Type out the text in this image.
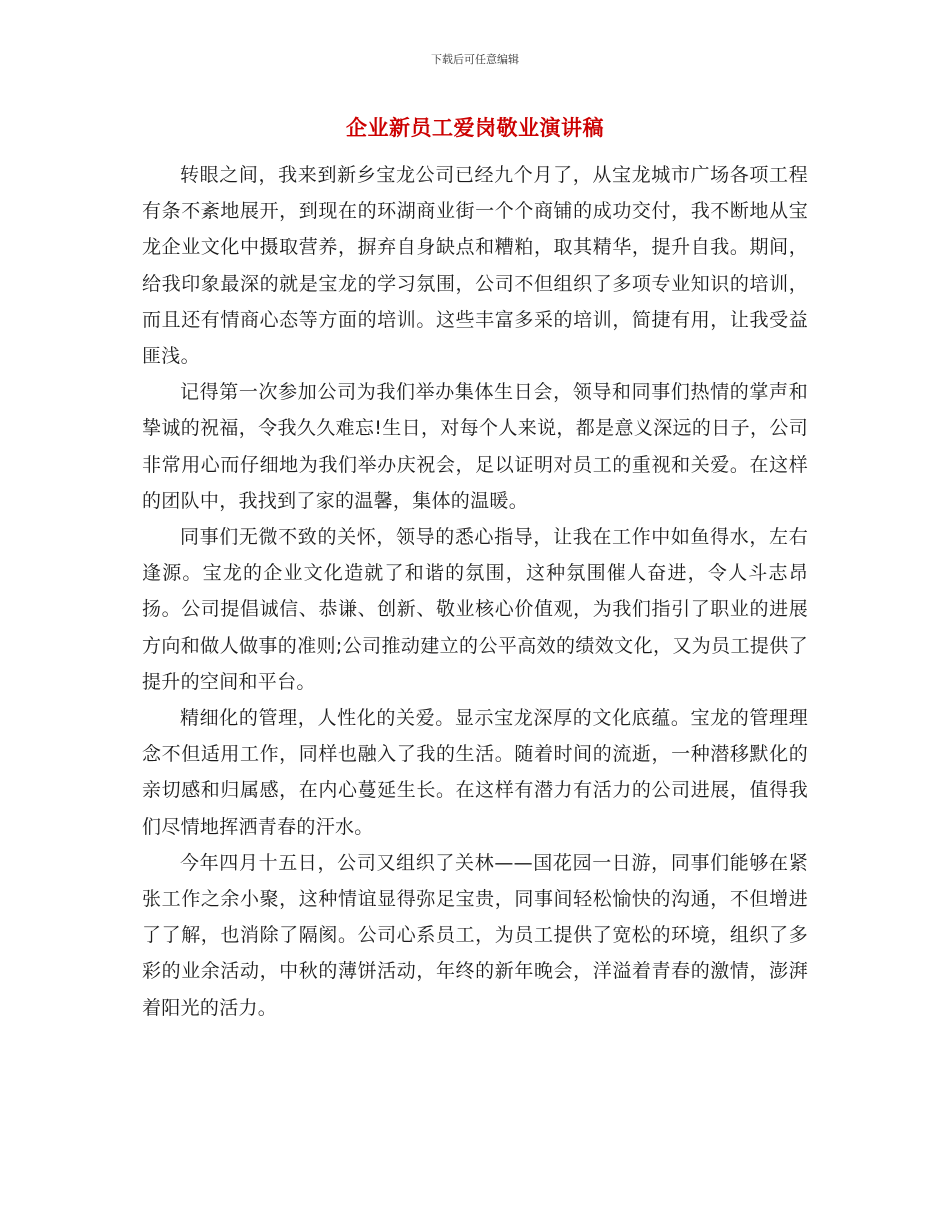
下载后可任意编辑
企业新员工爱岗敬业演讲稿

转眼之间，我来到新乡宝龙公司已经九个月了，从宝龙城市广场各项工程有条不紊地展开，到现在的环湖商业街一个个商铺的成功交付，我不断地从宝龙企业文化中摄取营养，摒弃自身缺点和糟粕，取其精华，提升自我。期间，给我印象最深的就是宝龙的学习氛围，公司不但组织了多项专业知识的培训，而且还有情商心态等方面的培训。这些丰富多采的培训，简捷有用，让我受益匪浅。

记得第一次参加公司为我们举办集体生日会，领导和同事们热情的掌声和挚诚的祝福，令我久久难忘!生日，对每个人来说，都是意义深远的日子，公司非常用心而仔细地为我们举办庆祝会，足以证明对员工的重视和关爱。在这样的团队中，我找到了家的温馨，集体的温暖。

同事们无微不致的关怀，领导的悉心指导，让我在工作中如鱼得水，左右逢源。宝龙的企业文化造就了和谐的氛围，这种氛围催人奋进，令人斗志昂扬。公司提倡诚信、恭谦、创新、敬业核心价值观，为我们指引了职业的进展方向和做人做事的准则;公司推动建立的公平高效的绩效文化，又为员工提供了提升的空间和平台。

精细化的管理，人性化的关爱。显示宝龙深厚的文化底蕴。宝龙的管理理念不但适用工作，同样也融入了我的生活。随着时间的流逝，一种潜移默化的亲切感和归属感，在内心蔓延生长。在这样有潜力有活力的公司进展，值得我们尽情地挥洒青春的汗水。

今年四月十五日，公司又组织了关林——国花园一日游，同事们能够在紧张工作之余小聚，这种情谊显得弥足宝贵，同事间轻松愉快的沟通，不但增进了了解，也消除了隔阂。公司心系员工，为员工提供了宽松的环境，组织了多彩的业余活动，中秋的薄饼活动，年终的新年晚会，洋溢着青春的激情，澎湃着阳光的活力。
